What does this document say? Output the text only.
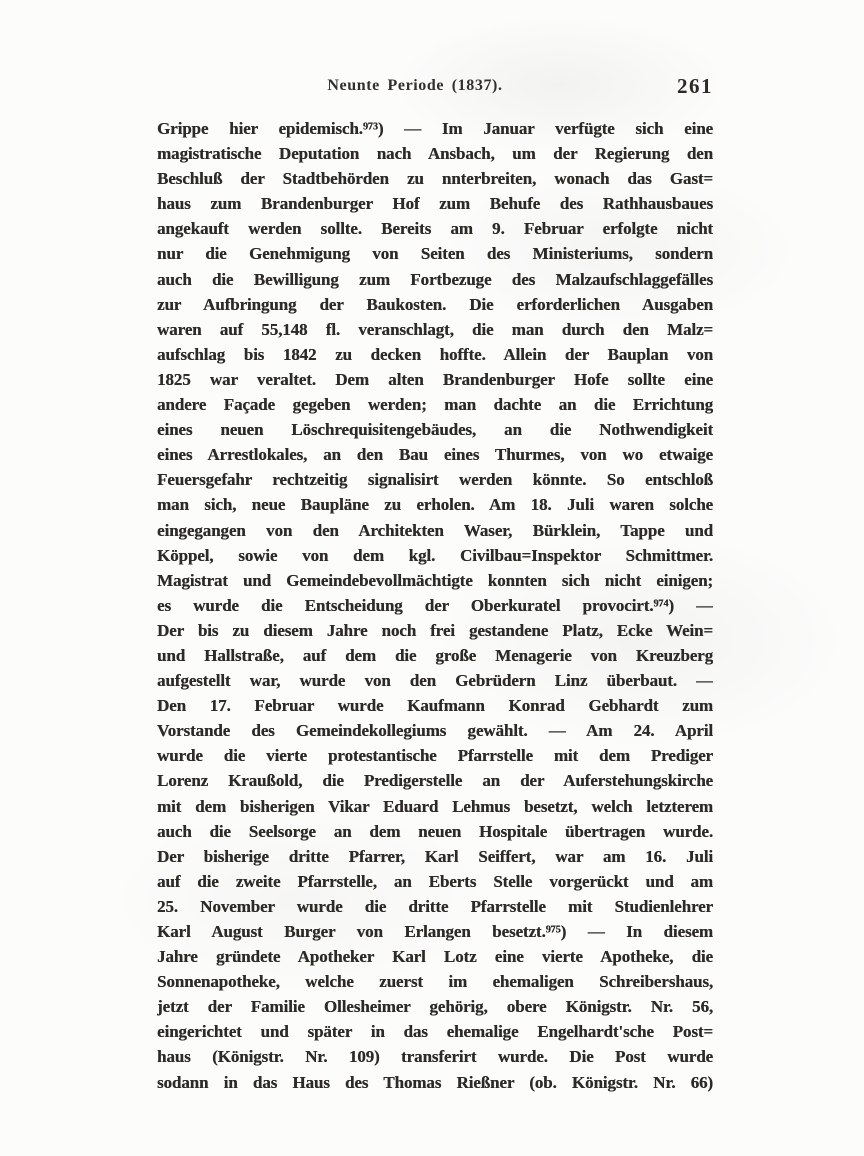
Neunte Periode (1837).	261
Grippe hier epidemisch.⁹⁷³) — Im Januar verfügte sich eine
magistratische Deputation nach Ansbach, um der Regierung den
Beschluß der Stadtbehörden zu nnterbreiten, wonach das Gast=
haus zum Brandenburger Hof zum Behufe des Rathhausbaues
angekauft werden sollte. Bereits am 9. Februar erfolgte nicht
nur die Genehmigung von Seiten des Ministeriums, sondern
auch die Bewilligung zum Fortbezuge des Malzaufschlaggefälles
zur Aufbringung der Baukosten. Die erforderlichen Ausgaben
waren auf 55,148 fl. veranschlagt, die man durch den Malz=
aufschlag bis 1842 zu decken hoffte. Allein der Bauplan von
1825 war veraltet. Dem alten Brandenburger Hofe sollte eine
andere Façade gegeben werden; man dachte an die Errichtung
eines neuen Löschrequisitengebäudes, an die Nothwendigkeit
eines Arrestlokales, an den Bau eines Thurmes, von wo etwaige
Feuersgefahr rechtzeitig signalisirt werden könnte. So entschloß
man sich, neue Baupläne zu erholen. Am 18. Juli waren solche
eingegangen von den Architekten Waser, Bürklein, Tappe und
Köppel, sowie von dem kgl. Civilbau=Inspektor Schmittmer.
Magistrat und Gemeindebevollmächtigte konnten sich nicht einigen;
es wurde die Entscheidung der Oberkuratel provocirt.⁹⁷⁴) —
Der bis zu diesem Jahre noch frei gestandene Platz, Ecke Wein=
und Hallstraße, auf dem die große Menagerie von Kreuzberg
aufgestellt war, wurde von den Gebrüdern Linz überbaut. —
Den 17. Februar wurde Kaufmann Konrad Gebhardt zum
Vorstande des Gemeindekollegiums gewählt. — Am 24. April
wurde die vierte protestantische Pfarrstelle mit dem Prediger
Lorenz Kraußold, die Predigerstelle an der Auferstehungskirche
mit dem bisherigen Vikar Eduard Lehmus besetzt, welch letzterem
auch die Seelsorge an dem neuen Hospitale übertragen wurde.
Der bisherige dritte Pfarrer, Karl Seiffert, war am 16. Juli
auf die zweite Pfarrstelle, an Eberts Stelle vorgerückt und am
25. November wurde die dritte Pfarrstelle mit Studienlehrer
Karl August Burger von Erlangen besetzt.⁹⁷⁵) — In diesem
Jahre gründete Apotheker Karl Lotz eine vierte Apotheke, die
Sonnenapotheke, welche zuerst im ehemaligen Schreibershaus,
jetzt der Familie Ollesheimer gehörig, obere Königstr. Nr. 56,
eingerichtet und später in das ehemalige Engelhardt'sche Post=
haus (Königstr. Nr. 109) transferirt wurde. Die Post wurde
sodann in das Haus des Thomas Rießner (ob. Königstr. Nr. 66)
